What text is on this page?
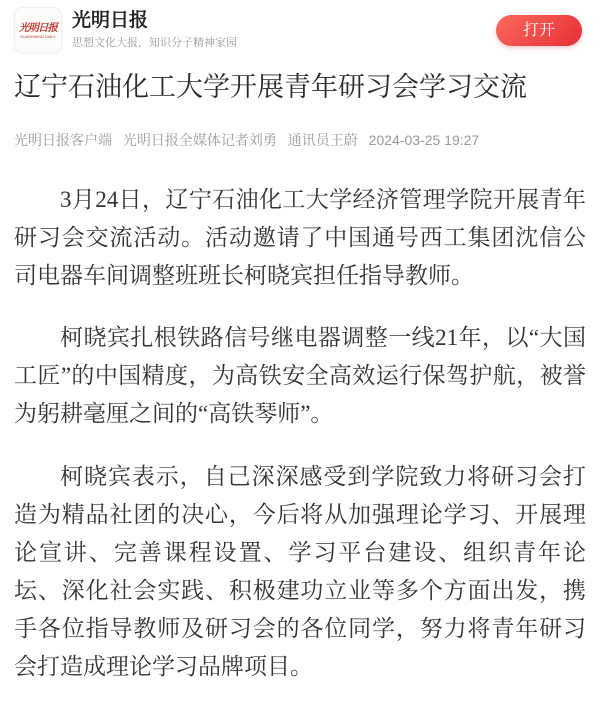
光明日报
GUANGMING DAILY
光明日报
思想文化大报，知识分子精神家园
打开
辽宁石油化工大学开展青年研习会学习交流
光明日报客户端 光明日报全媒体记者刘勇 通讯员王蔚 2024-03-25 19:27

3月24日，辽宁石油化工大学经济管理学院开展青年研习会交流活动。活动邀请了中国通号西工集团沈信公司电器车间调整班班长柯晓宾担任指导教师。

柯晓宾扎根铁路信号继电器调整一线21年，以“大国工匠”的中国精度，为高铁安全高效运行保驾护航，被誉为躬耕毫厘之间的“高铁琴师”。

柯晓宾表示，自己深深感受到学院致力将研习会打造为精品社团的决心，今后将从加强理论学习、开展理论宣讲、完善课程设置、学习平台建设、组织青年论坛、深化社会实践、积极建功立业等多个方面出发，携手各位指导教师及研习会的各位同学，努力将青年研习会打造成理论学习品牌项目。
